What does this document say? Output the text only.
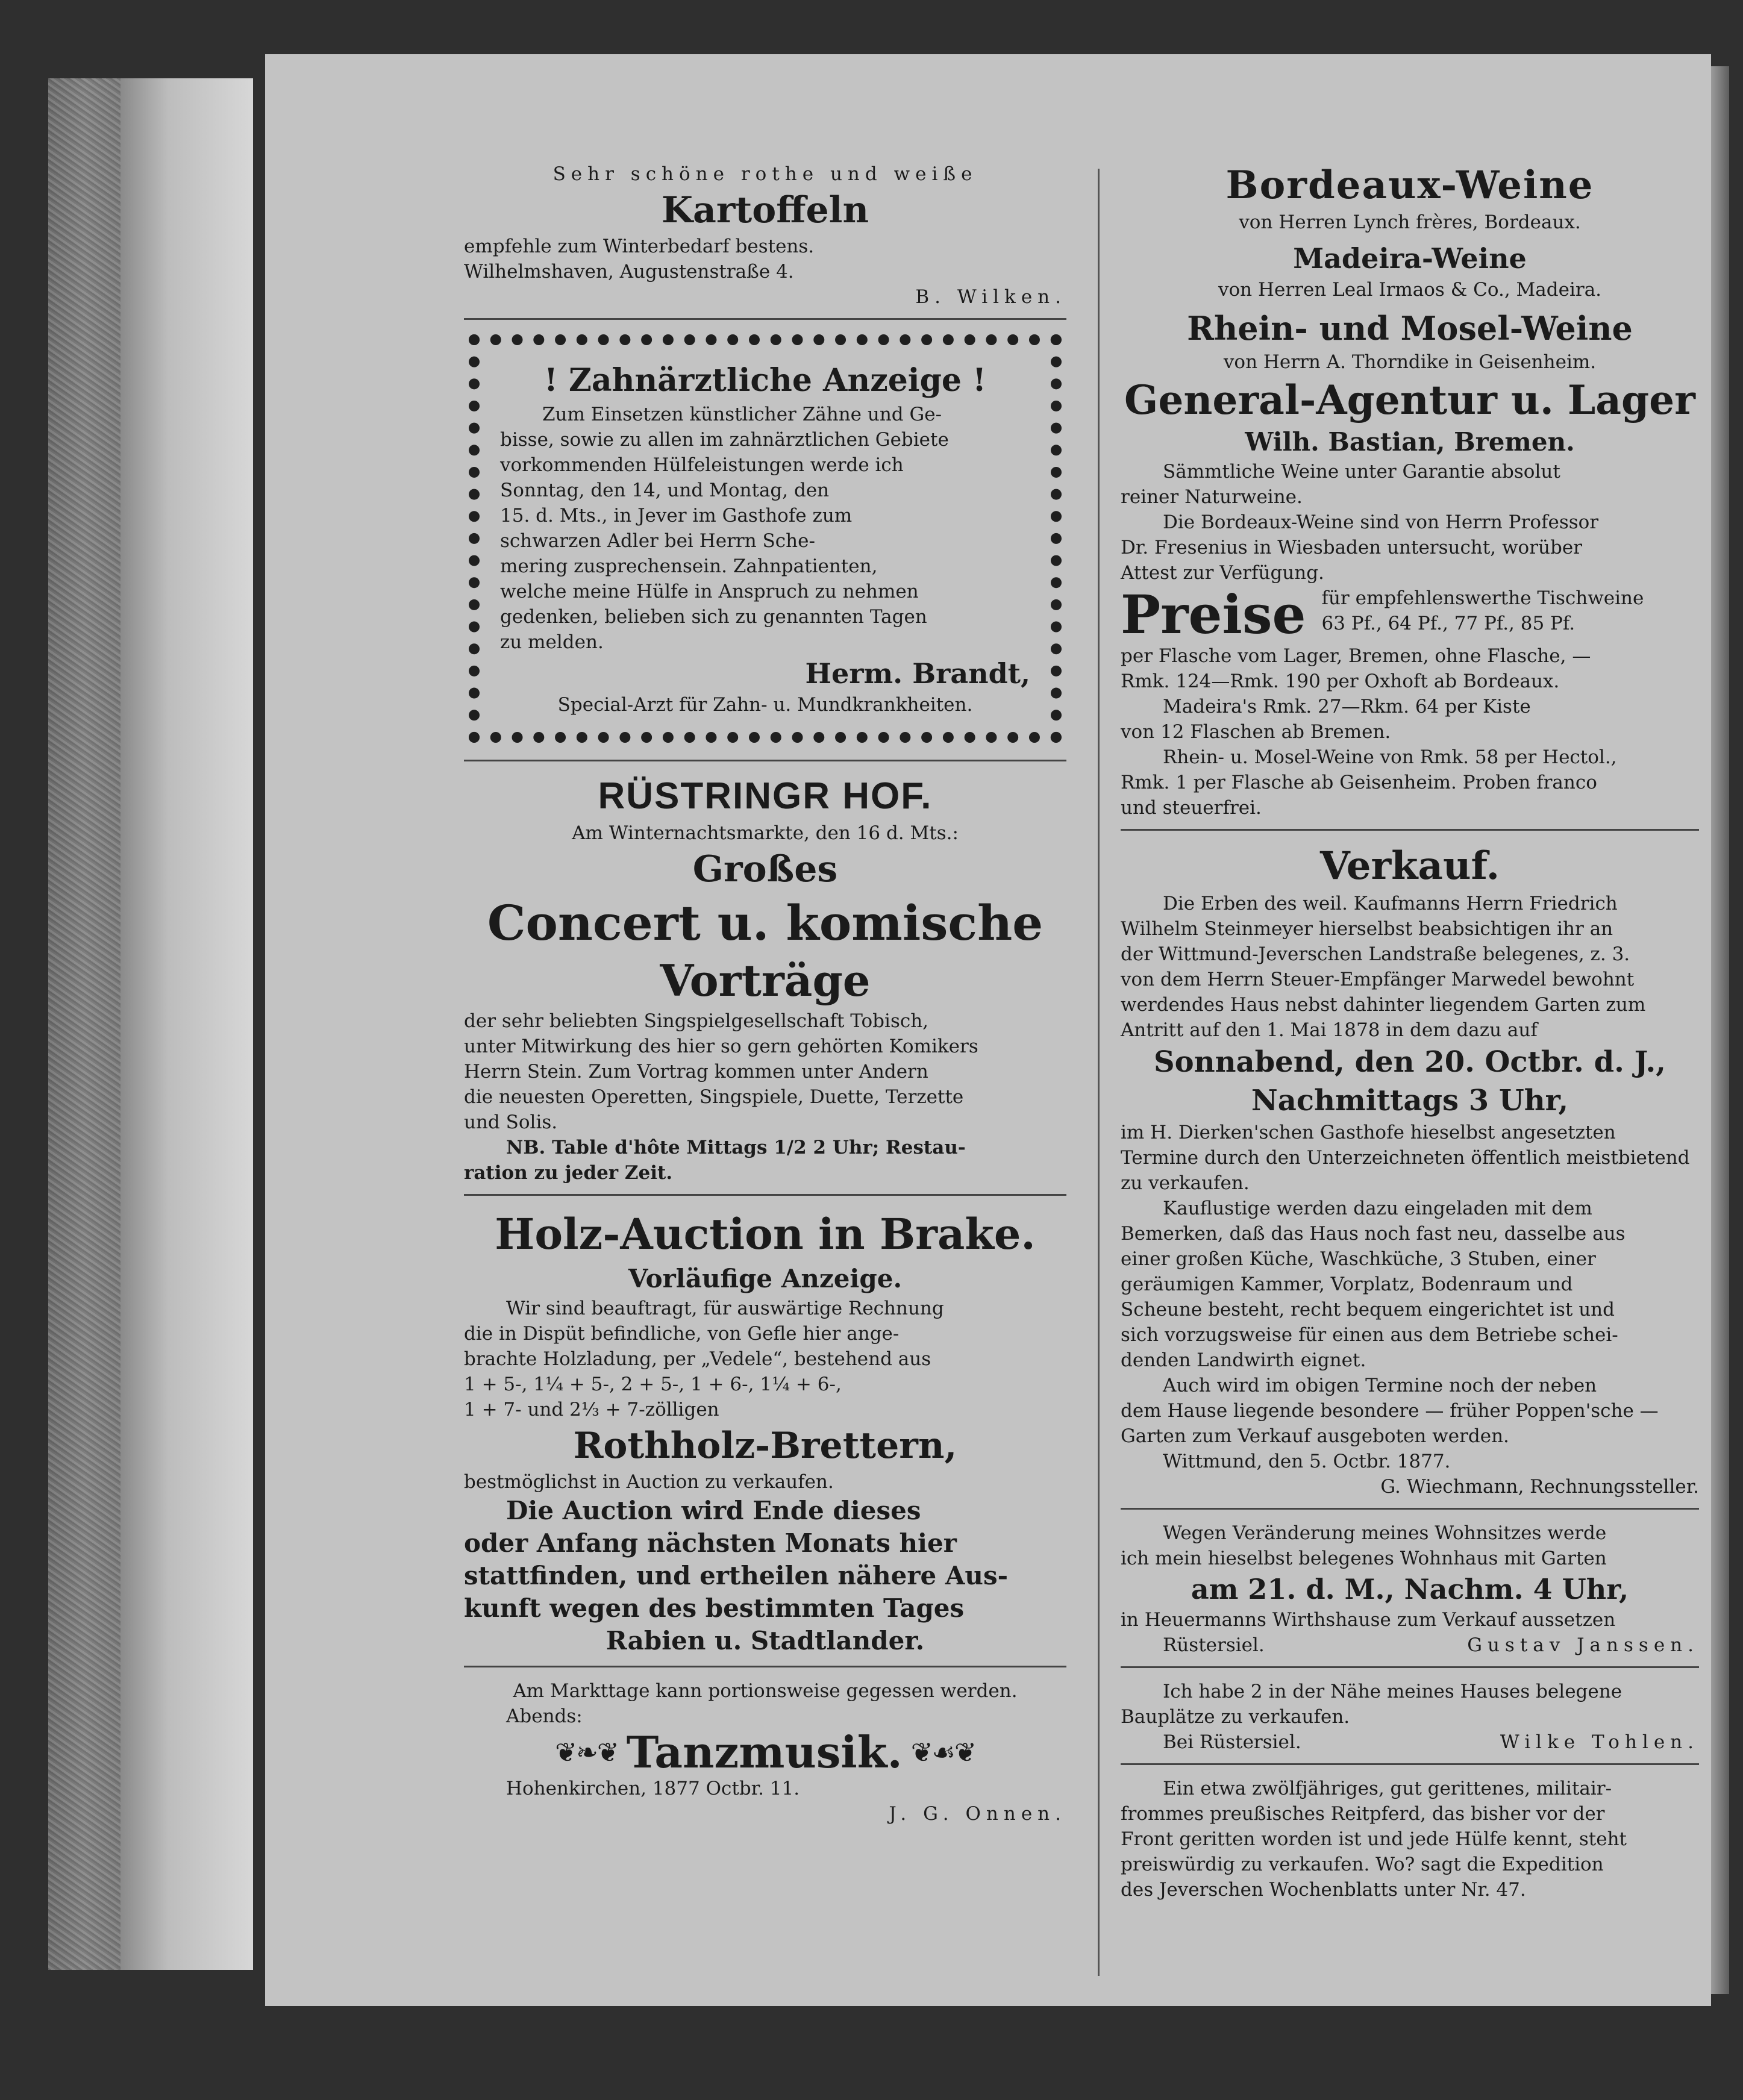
Sehr schöne rothe und weiße
Kartoffeln
empfehle zum Winterbedarf bestens.
Wilhelmshaven, Augustenstraße 4.
B. Wilken.
! Zahnärztliche Anzeige !
Zum Einsetzen künstlicher Zähne und Ge-
bisse, sowie zu allen im zahnärztlichen Gebiete
vorkommenden Hülfeleistungen werde ich
Sonntag, den 14, und Montag, den
15. d. Mts., in Jever im Gasthofe zum
schwarzen Adler bei Herrn Sche-
mering zusprechensein. Zahnpatienten,
welche meine Hülfe in Anspruch zu nehmen
gedenken, belieben sich zu genannten Tagen
zu melden.
Herm. Brandt,
Special-Arzt für Zahn- u. Mundkrankheiten.
RÜSTRINGR HOF.
Am Winternachtsmarkte, den 16 d. Mts.:
Großes
Concert u. komische
Vorträge
der sehr beliebten Singspielgesellschaft Tobisch,
unter Mitwirkung des hier so gern gehörten Komikers
Herrn Stein. Zum Vortrag kommen unter Andern
die neuesten Operetten, Singspiele, Duette, Terzette
und Solis.
NB. Table d'hôte Mittags 1/2 2 Uhr; Restau-
ration zu jeder Zeit.
Holz-Auction in Brake.
Vorläufige Anzeige.
Wir sind beauftragt, für auswärtige Rechnung
die in Dispüt befindliche, von Gefle hier ange-
brachte Holzladung, per „Vedele“, bestehend aus
1 + 5-, 1¼ + 5-, 2 + 5-, 1 + 6-, 1¼ + 6-,
1 + 7- und 2⅓ + 7-zölligen
Rothholz-Brettern,
bestmöglichst in Auction zu verkaufen.
Die Auction wird Ende dieses
oder Anfang nächsten Monats hier
stattfinden, und ertheilen nähere Aus-
kunft wegen des bestimmten Tages
Rabien u. Stadtlander.
Am Markttage kann portionsweise gegessen werden.
Abends:
❦❧❦ Tanzmusik. ❦☙❦
Hohenkirchen, 1877 Octbr. 11.
J. G. Onnen.
Bordeaux-Weine
von Herren Lynch frères, Bordeaux.
Madeira-Weine
von Herren Leal Irmaos & Co., Madeira.
Rhein- und Mosel-Weine
von Herrn A. Thorndike in Geisenheim.
General-Agentur u. Lager
Wilh. Bastian, Bremen.
Sämmtliche Weine unter Garantie absolut
reiner Naturweine.
Die Bordeaux-Weine sind von Herrn Professor
Dr. Fresenius in Wiesbaden untersucht, worüber
Attest zur Verfügung.
Preise für empfehlenswerthe Tischweine
63 Pf., 64 Pf., 77 Pf., 85 Pf.
per Flasche vom Lager, Bremen, ohne Flasche, —
Rmk. 124—Rmk. 190 per Oxhoft ab Bordeaux.
Madeira's Rmk. 27—Rkm. 64 per Kiste
von 12 Flaschen ab Bremen.
Rhein- u. Mosel-Weine von Rmk. 58 per Hectol.,
Rmk. 1 per Flasche ab Geisenheim. Proben franco
und steuerfrei.
Verkauf.
Die Erben des weil. Kaufmanns Herrn Friedrich
Wilhelm Steinmeyer hierselbst beabsichtigen ihr an
der Wittmund-Jeverschen Landstraße belegenes, z. 3.
von dem Herrn Steuer-Empfänger Marwedel bewohnt
werdendes Haus nebst dahinter liegendem Garten zum
Antritt auf den 1. Mai 1878 in dem dazu auf
Sonnabend, den 20. Octbr. d. J.,
Nachmittags 3 Uhr,
im H. Dierken'schen Gasthofe hieselbst angesetzten
Termine durch den Unterzeichneten öffentlich meistbietend
zu verkaufen.
Kauflustige werden dazu eingeladen mit dem
Bemerken, daß das Haus noch fast neu, dasselbe aus
einer großen Küche, Waschküche, 3 Stuben, einer
geräumigen Kammer, Vorplatz, Bodenraum und
Scheune besteht, recht bequem eingerichtet ist und
sich vorzugsweise für einen aus dem Betriebe schei-
denden Landwirth eignet.
Auch wird im obigen Termine noch der neben
dem Hause liegende besondere — früher Poppen'sche —
Garten zum Verkauf ausgeboten werden.
Wittmund, den 5. Octbr. 1877.
G. Wiechmann, Rechnungssteller.
Wegen Veränderung meines Wohnsitzes werde
ich mein hieselbst belegenes Wohnhaus mit Garten
am 21. d. M., Nachm. 4 Uhr,
in Heuermanns Wirthshause zum Verkauf aussetzen
Rüstersiel.	Gustav Janssen.
Ich habe 2 in der Nähe meines Hauses belegene
Bauplätze zu verkaufen.
Bei Rüstersiel.	Wilke Tohlen.
Ein etwa zwölfjähriges, gut gerittenes, militair-
frommes preußisches Reitpferd, das bisher vor der
Front geritten worden ist und jede Hülfe kennt, steht
preiswürdig zu verkaufen. Wo? sagt die Expedition
des Jeverschen Wochenblatts unter Nr. 47.
